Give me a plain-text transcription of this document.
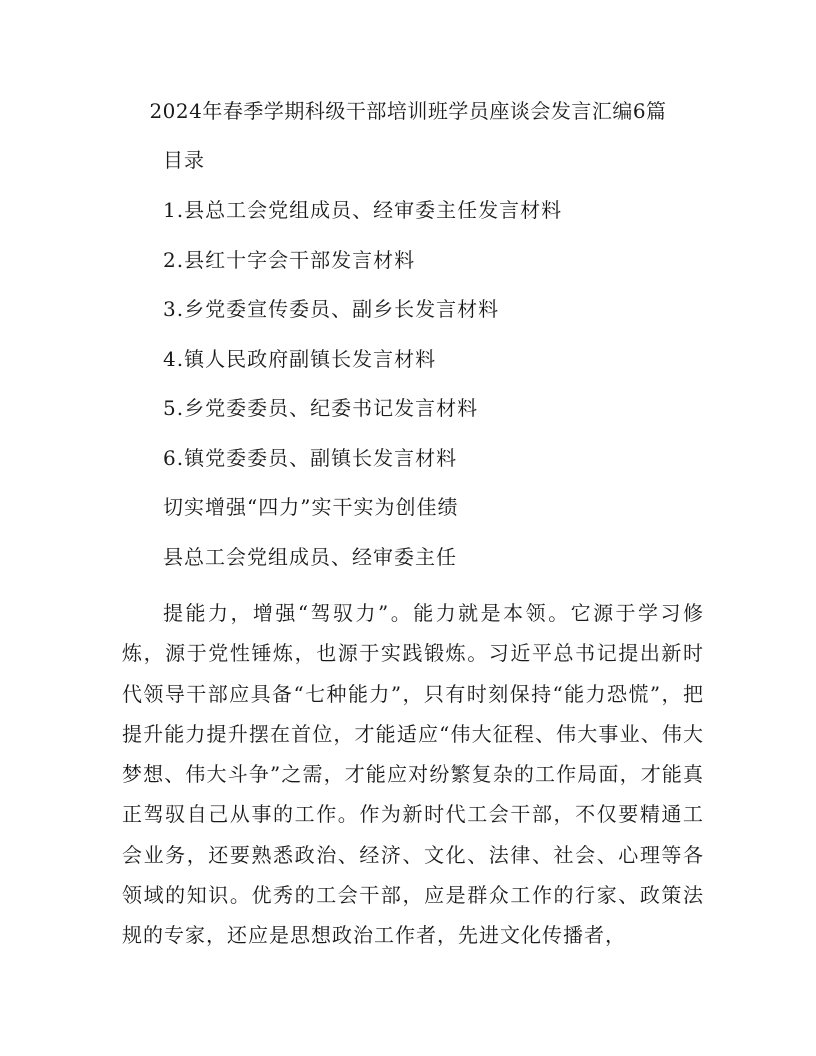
2024年春季学期科级干部培训班学员座谈会发言汇编6篇
目录
1.县总工会党组成员、经审委主任发言材料
2.县红十字会干部发言材料
3.乡党委宣传委员、副乡长发言材料
4.镇人民政府副镇长发言材料
5.乡党委委员、纪委书记发言材料
6.镇党委委员、副镇长发言材料
切实增强“四力”实干实为创佳绩
县总工会党组成员、经审委主任

提能力，增强“驾驭力”。能力就是本领。它源于学习修炼，源于党性锤炼，也源于实践锻炼。习近平总书记提出新时代领导干部应具备“七种能力”，只有时刻保持“能力恐慌”，把提升能力提升摆在首位，才能适应“伟大征程、伟大事业、伟大梦想、伟大斗争”之需，才能应对纷繁复杂的工作局面，才能真正驾驭自己从事的工作。作为新时代工会干部，不仅要精通工会业务，还要熟悉政治、经济、文化、法律、社会、心理等各领域的知识。优秀的工会干部，应是群众工作的行家、政策法规的专家，还应是思想政治工作者，先进文化传播者，
